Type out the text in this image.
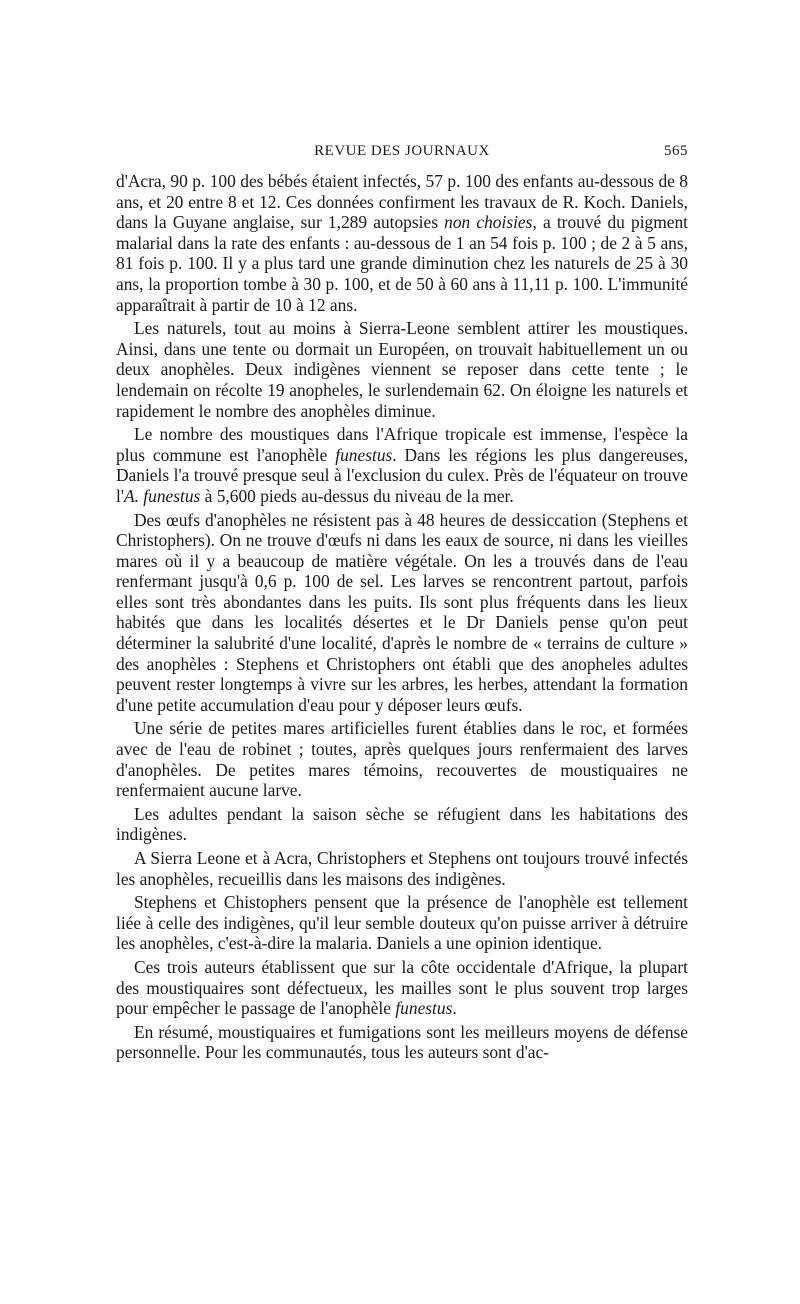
REVUE DES JOURNAUX	565

d'Acra, 90 p. 100 des bébés étaient infectés, 57 p. 100 des enfants au-dessous de 8 ans, et 20 entre 8 et 12. Ces données confirment les travaux de R. Koch. Daniels, dans la Guyane anglaise, sur 1,289 autopsies non choisies, a trouvé du pigment malarial dans la rate des enfants : au-dessous de 1 an 54 fois p. 100 ; de 2 à 5 ans, 81 fois p. 100. Il y a plus tard une grande diminution chez les naturels de 25 à 30 ans, la proportion tombe à 30 p. 100, et de 50 à 60 ans à 11,11 p. 100. L'immunité apparaîtrait à partir de 10 à 12 ans.

Les naturels, tout au moins à Sierra-Leone semblent attirer les moustiques. Ainsi, dans une tente ou dormait un Européen, on trouvait habituellement un ou deux anophèles. Deux indigènes viennent se reposer dans cette tente ; le lendemain on récolte 19 anopheles, le surlendemain 62. On éloigne les naturels et rapidement le nombre des anophèles diminue.

Le nombre des moustiques dans l'Afrique tropicale est immense, l'espèce la plus commune est l'anophèle funestus. Dans les régions les plus dangereuses, Daniels l'a trouvé presque seul à l'exclusion du culex. Près de l'équateur on trouve l'A. funestus à 5,600 pieds au-dessus du niveau de la mer.

Des œufs d'anophèles ne résistent pas à 48 heures de dessiccation (Stephens et Christophers). On ne trouve d'œufs ni dans les eaux de source, ni dans les vieilles mares où il y a beaucoup de matière végétale. On les a trouvés dans de l'eau renfermant jusqu'à 0,6 p. 100 de sel. Les larves se rencontrent partout, parfois elles sont très abondantes dans les puits. Ils sont plus fréquents dans les lieux habités que dans les localités désertes et le Dr Daniels pense qu'on peut déterminer la salubrité d'une localité, d'après le nombre de « terrains de culture » des anophèles : Stephens et Christophers ont établi que des anopheles adultes peuvent rester longtemps à vivre sur les arbres, les herbes, attendant la formation d'une petite accumulation d'eau pour y déposer leurs œufs.

Une série de petites mares artificielles furent établies dans le roc, et formées avec de l'eau de robinet ; toutes, après quelques jours renfermaient des larves d'anophèles. De petites mares témoins, recouvertes de moustiquaires ne renfermaient aucune larve.

Les adultes pendant la saison sèche se réfugient dans les habitations des indigènes.

A Sierra Leone et à Acra, Christophers et Stephens ont toujours trouvé infectés les anophèles, recueillis dans les maisons des indigènes.

Stephens et Chistophers pensent que la présence de l'anophèle est tellement liée à celle des indigènes, qu'il leur semble douteux qu'on puisse arriver à détruire les anophèles, c'est-à-dire la malaria. Daniels a une opinion identique.

Ces trois auteurs établissent que sur la côte occidentale d'Afrique, la plupart des moustiquaires sont défectueux, les mailles sont le plus souvent trop larges pour empêcher le passage de l'anophèle funestus.

En résumé, moustiquaires et fumigations sont les meilleurs moyens de défense personnelle. Pour les communautés, tous les auteurs sont d'ac-
